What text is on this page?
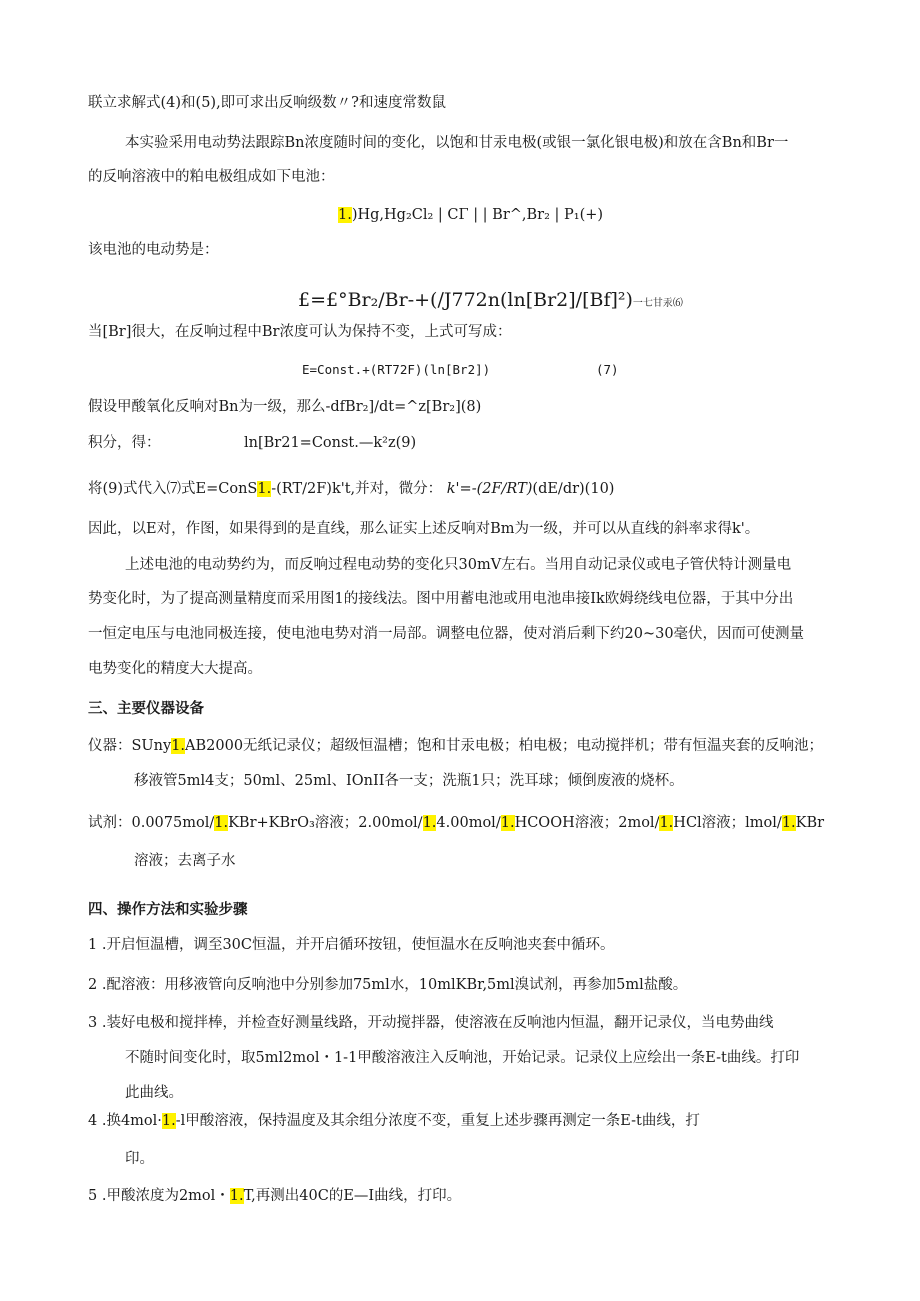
联立求解式(4)和(5),即可求出反响级数〃?和速度常数鼠
本实验采用电动势法跟踪Bn浓度随时间的变化，以饱和甘汞电极(或银一氯化银电极)和放在含Bn和Br一
的反响溶液中的粕电极组成如下电池：
1.)Hg,Hg₂Cl₂ | CΓ | | Br^,Br₂ | P₁(+)
该电池的电动势是：
£=£°Br₂/Br-+(∕J772n(ln[Br2]∕[Bf]²)一七甘汞⑹
当[Br]很大，在反响过程中Br浓度可认为保持不变，上式可写成：
E=Const.+(RT72F)(ln[Br2])	(7)
假设甲酸氧化反响对Bn为一级，那么-dfBr₂]∕dt=^z[Br₂](8)
积分，得：	ln[Br21=Const.—k²z(9)
将(9)式代入⑺式E=ConS1.-(RT∕2F)k't,并对，微分： k'=-(2F∕RT)(dE∕dr)(10)
因此，以E对，作图，如果得到的是直线，那么证实上述反响对Bm为一级，并可以从直线的斜率求得k'。
上述电池的电动势约为，而反响过程电动势的变化只30mV左右。当用自动记录仪或电子管伏特计测量电
势变化时，为了提高测量精度而采用图1的接线法。图中用蓄电池或用电池串接Ik欧姆绕线电位器，于其中分出
一恒定电压与电池同极连接，使电池电势对消一局部。调整电位器，使对消后剩下约20~30毫伏，因而可使测量
电势变化的精度大大提高。
三、主要仪器设备
仪器：SUny1.AB2000无纸记录仪；超级恒温槽；饱和甘汞电极；柏电极；电动搅拌机；带有恒温夹套的反响池；
移液管5ml4支；50ml、25ml、IOnII各一支；洗瓶1只；洗耳球；倾倒废液的烧杯。
试剂：0.0075mol∕1.KBr+KBrO₃溶液；2.00mol∕1.4.00mol∕1.HCOOH溶液；2mol∕1.HCl溶液；lmol∕1.KBr
溶液；去离子水
四、操作方法和实验步骤
1 .开启恒温槽，调至30C恒温，并开启循环按钮，使恒温水在反响池夹套中循环。
2 .配溶液：用移液管向反响池中分别参加75ml水，10mlKBr,5ml溴试剂，再参加5ml盐酸。
3 .装好电极和搅拌棒，并检查好测量线路，开动搅拌器，使溶液在反响池内恒温，翻开记录仪，当电势曲线
不随时间变化时，取5ml2mol・1-1甲酸溶液注入反响池，开始记录。记录仪上应绘出一条E-t曲线。打印
此曲线。
4 .换4mol·1.-l甲酸溶液，保持温度及其余组分浓度不变，重复上述步骤再测定一条E-t曲线，打
印。
5 .甲酸浓度为2mol・1.T,再测出40C的E—I曲线，打印。
